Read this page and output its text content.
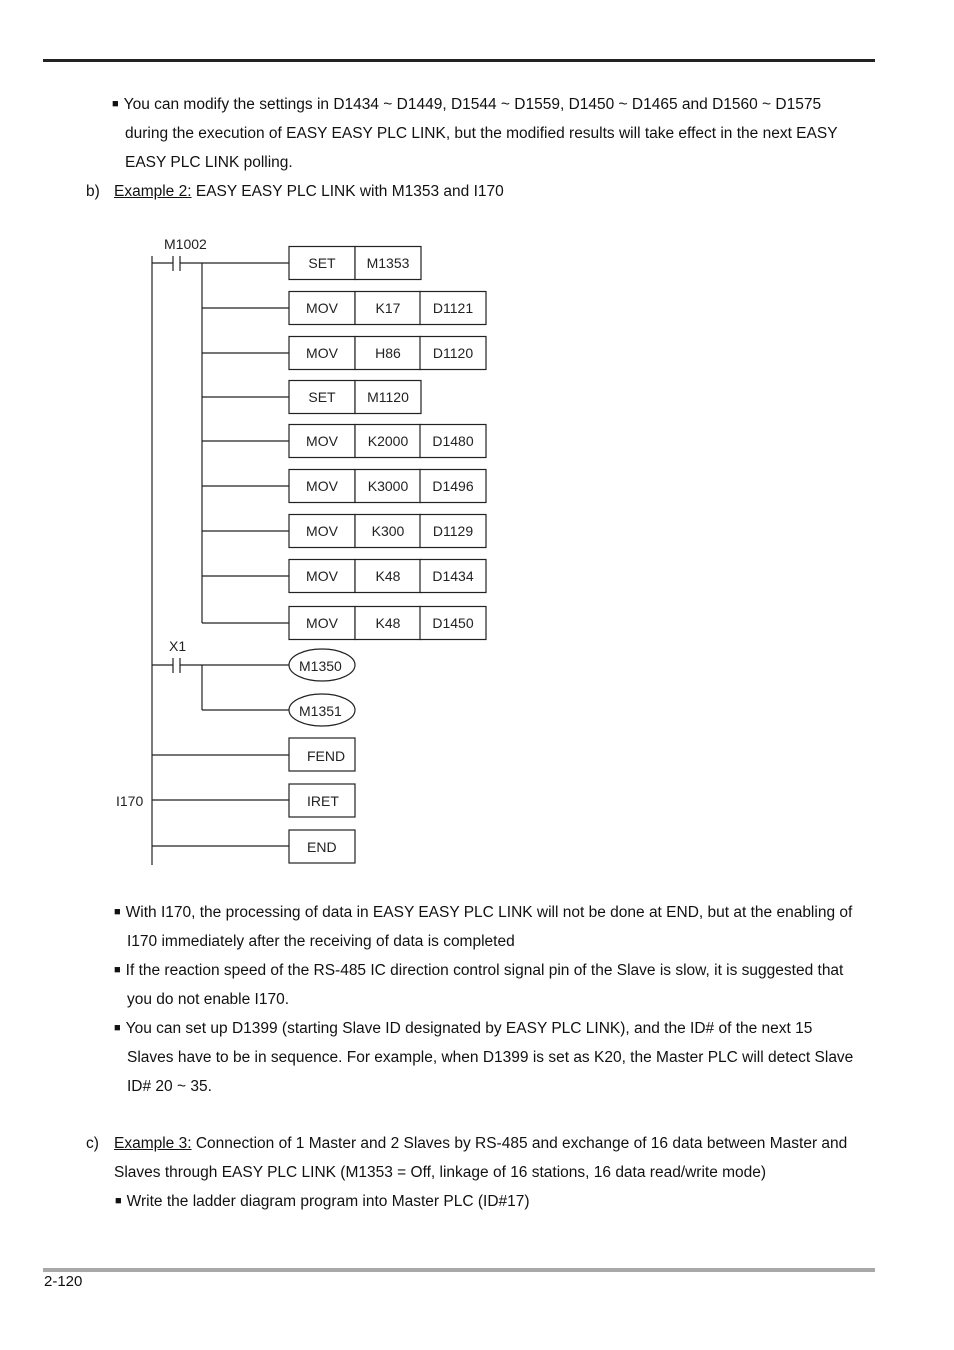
■ You can modify the settings in D1434 ~ D1449, D1544 ~ D1559, D1450 ~ D1465 and D1560 ~ D1575
during the execution of EASY EASY PLC LINK, but the modified results will take effect in the next EASY
EASY PLC LINK polling.

b) Example 2: EASY EASY PLC LINK with M1353 and I170

M1002
X1
I170
SET M1353
MOV	K17 D1121
MOV	H86 D1120
SET M1120
MOV K2000 D1480
MOV K3000 D1496
MOV K300 D1129
MOV	K48 D1434
MOV	K48 D1450
M1350
M1351
FEND
IRET
END

■ With I170, the processing of data in EASY EASY PLC LINK will not be done at END, but at the enabling of
I170 immediately after the receiving of data is completed

■ If the reaction speed of the RS-485 IC direction control signal pin of the Slave is slow, it is suggested that
you do not enable I170.

■ You can set up D1399 (starting Slave ID designated by EASY PLC LINK), and the ID# of the next 15
Slaves have to be in sequence. For example, when D1399 is set as K20, the Master PLC will detect Slave
ID# 20 ~ 35.

c) Example 3: Connection of 1 Master and 2 Slaves by RS-485 and exchange of 16 data between Master and
Slaves through EASY PLC LINK (M1353 = Off, linkage of 16 stations, 16 data read/write mode)

■ Write the ladder diagram program into Master PLC (ID#17)

2-120
